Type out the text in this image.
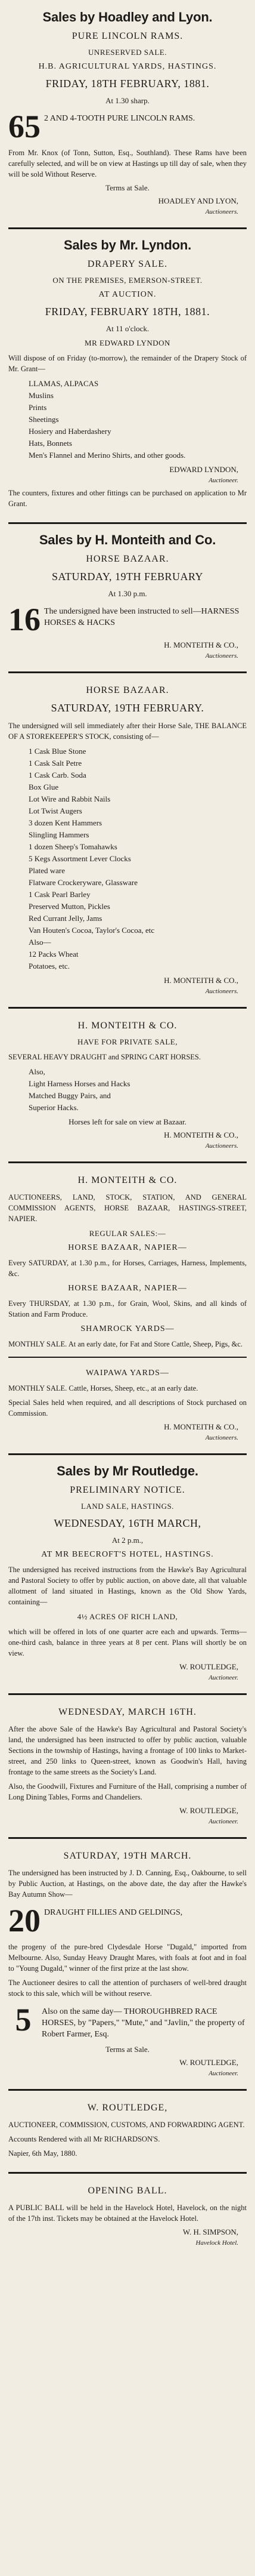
Sales by Hoadley and Lyon.
PURE LINCOLN RAMS.
UNRESERVED SALE.
H.B. AGRICULTURAL YARDS, HASTINGS.
FRIDAY, 18TH FEBRUARY, 1881.
At 1.30 sharp.
65 2 AND 4-TOOTH PURE LINCOLN RAMS.
From Mr. Knox (of Tonn, Sutton, Esq., Southland). These Rams have been carefully selected, and will be on view at Hastings up till day of sale, when they will be sold Without Reserve.
Terms at Sale.
HOADLEY AND LYON,
Auctioneers.
Sales by Mr. Lyndon.
DRAPERY SALE.
ON THE PREMISES, EMERSON-STREET.
AT AUCTION.
FRIDAY, FEBRUARY 18TH, 1881.
At 11 o'clock.
MR EDWARD LYNDON
Will dispose of on Friday (to-morrow), the remainder of the Drapery Stock of Mr. Grant—
LLAMAS, ALPACAS
Muslins
Prints
Sheetings
Hosiery and Haberdashery
Hats, Bonnets
Men's Flannel and Merino Shirts, and other goods.
EDWARD LYNDON,
Auctioneer.
The counters, fixtures and other fittings can be purchased on application to Mr Grant.
Sales by H. Monteith and Co.
HORSE BAZAAR.
SATURDAY, 19TH FEBRUARY
At 1.30 p.m.
16 The undersigned have been instructed to sell—HARNESS HORSES & HACKS
H. MONTEITH & CO.,
Auctioneers.
HORSE BAZAAR.
SATURDAY, 19TH FEBRUARY.
The undersigned will sell immediately after their Horse Sale, THE BALANCE OF A STOREKEEPER'S STOCK, consisting of—
1 Cask Blue Stone
1 Cask Salt Petre
1 Cask Carb. Soda
Box Glue
Lot Wire and Rabbit Nails
Lot Twist Augers
3 dozen Kent Hammers
Slingling Hammers
1 dozen Sheep's Tomahawks
5 Kegs Assortment Lever Clocks
Plated ware
Flatware Crockeryware, Glassware
1 Cask Pearl Barley
Preserved Mutton, Pickles
Red Currant Jelly, Jams
Van Houten's Cocoa, Taylor's Cocoa, etc
Also—
12 Packs Wheat
Potatoes, etc.
H. MONTEITH & CO.,
Auctioneers.
H. MONTEITH & CO.
HAVE FOR PRIVATE SALE,
SEVERAL HEAVY DRAUGHT and SPRING CART HORSES.
Also,
Light Harness Horses and Hacks
Matched Buggy Pairs, and
Superior Hacks.
Horses left for sale on view at Bazaar.
H. MONTEITH & CO.,
Auctioneers.
H. MONTEITH & CO.
AUCTIONEERS, LAND, STOCK, STATION, AND GENERAL COMMISSION AGENTS, HORSE BAZAAR, HASTINGS-STREET, NAPIER.
REGULAR SALES:—
HORSE BAZAAR, NAPIER—
Every SATURDAY, at 1.30 p.m., for Horses, Carriages, Harness, Implements, &c.
HORSE BAZAAR, NAPIER—
Every THURSDAY, at 1.30 p.m., for Grain, Wool, Skins, and all kinds of Station and Farm Produce.
SHAMROCK YARDS—
MONTHLY SALE. At an early date, for Fat and Store Cattle, Sheep, Pigs, &c.
WAIPAWA YARDS—
MONTHLY SALE. Cattle, Horses, Sheep, etc., at an early date.
Special Sales held when required, and all descriptions of Stock purchased on Commission.
H. MONTEITH & CO.,
Auctioneers.
Sales by Mr Routledge.
PRELIMINARY NOTICE.
LAND SALE, HASTINGS.
WEDNESDAY, 16TH MARCH,
At 2 p.m.,
AT MR BEECROFT'S HOTEL, HASTINGS.
The undersigned has received instructions from the Hawke's Bay Agricultural and Pastoral Society to offer by public auction, on above date, all that valuable allotment of land situated in Hastings, known as the Old Show Yards, containing—
4½ ACRES OF RICH LAND,
which will be offered in lots of one quarter acre each and upwards. Terms—one-third cash, balance in three years at 8 per cent. Plans will shortly be on view.
W. ROUTLEDGE,
Auctioneer.
WEDNESDAY, MARCH 16TH.
After the above Sale of the Hawke's Bay Agricultural and Pastoral Society's land, the undersigned has been instructed to offer by public auction, valuable Sections in the township of Hastings, having a frontage of 100 links to Market-street, and 250 links to Queen-street, known as Goodwin's Hall, having frontage to the same streets as the Society's Land.
Also, the Goodwill, Fixtures and Furniture of the Hall, comprising a number of Long Dining Tables, Forms and Chandeliers.
W. ROUTLEDGE,
Auctioneer.
SATURDAY, 19TH MARCH.
The undersigned has been instructed by J. D. Canning, Esq., Oakbourne, to sell by Public Auction, at Hastings, on the above date, the day after the Hawke's Bay Autumn Show—
20 DRAUGHT FILLIES AND GELDINGS,
the progeny of the pure-bred Clydesdale Horse "Dugald," imported from Melbourne. Also, Sunday Heavy Draught Mares, with foals at foot and in foal to "Young Dugald," winner of the first prize at the last show.
The Auctioneer desires to call the attention of purchasers of well-bred draught stock to this sale, which will be without reserve.
5	Also on the same day— THOROUGHBRED RACE HORSES, by "Papers," "Mute," and "Javlin," the property of Robert Farmer, Esq.
Terms at Sale.
W. ROUTLEDGE,
Auctioneer.
W. ROUTLEDGE,
AUCTIONEER, COMMISSION, CUSTOMS, AND FORWARDING AGENT.
Accounts Rendered with all Mr RICHARDSON'S.
Napier, 6th May, 1880.
OPENING BALL.
A PUBLIC BALL will be held in the Havelock Hotel, Havelock, on the night of the 17th inst. Tickets may be obtained at the Havelock Hotel.
W. H. SIMPSON,
Havelock Hotel.
